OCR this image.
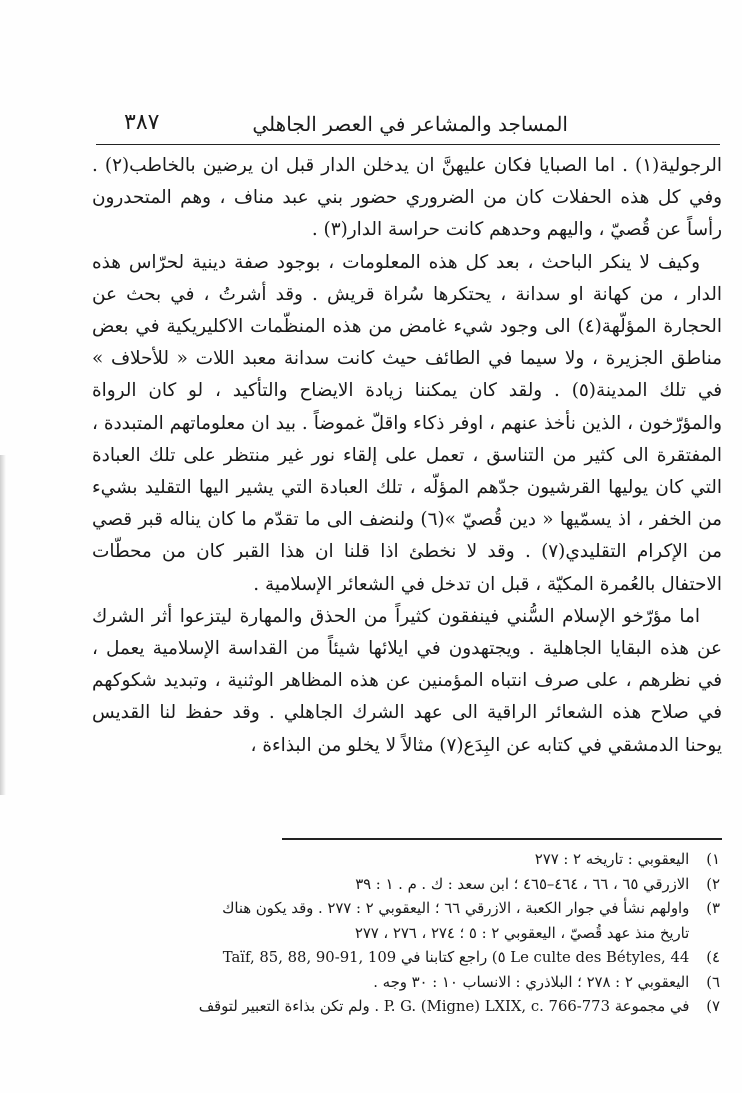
المساجد والمشاعر في العصر الجاهلي
٣٨٧

الرجولية(١) . اما الصبايا فكان عليهنَّ ان يدخلن الدار قبل ان يرضين بالخاطب(٢) . وفي كل هذه الحفلات كان من الضروري حضور بني عبد مناف ، وهم المتحدرون رأساً عن قُصيّ ، واليهم وحدهم كانت حراسة الدار(٣) .

وكيف لا ينكر الباحث ، بعد كل هذه المعلومات ، بوجود صفة دينية لحرّاس هذه الدار ، من كهانة او سدانة ، يحتكرها سُراة قريش . وقد أشرتُ ، في بحث عن الحجارة المؤلّهة(٤) الى وجود شيء غامض من هذه المنظّمات الاكليريكية في بعض مناطق الجزيرة ، ولا سيما في الطائف حيث كانت سدانة معبد اللات « للأحلاف » في تلك المدينة(٥) . ولقد كان يمكننا زيادة الايضاح والتأكيد ، لو كان الرواة والمؤرّخون ، الذين نأخذ عنهم ، اوفر ذكاء واقلّ غموضاً . بيد ان معلوماتهم المتبددة ، المفتقرة الى كثير من التناسق ، تعمل على إلقاء نور غير منتظر على تلك العبادة التي كان يوليها القرشيون جدّهم المؤلّه ، تلك العبادة التي يشير اليها التقليد بشيء من الخفر ، اذ يسمّيها « دين قُصيّ »(٦) ولنضف الى ما تقدّم ما كان يناله قبر قصي من الإكرام التقليدي(٧) . وقد لا نخطئ اذا قلنا ان هذا القبر كان من محطّات الاحتفال بالعُمرة المكيّة ، قبل ان تدخل في الشعائر الإسلامية .

اما مؤرّخو الإسلام السُّني فينفقون كثيراً من الحذق والمهارة ليتزعوا أثر الشرك عن هذه البقايا الجاهلية . ويجتهدون في ايلائها شيئاً من القداسة الإسلامية يعمل ، في نظرهم ، على صرف انتباه المؤمنين عن هذه المظاهر الوثنية ، وتبديد شكوكهم في صلاح هذه الشعائر الراقية الى عهد الشرك الجاهلي . وقد حفظ لنا القديس يوحنا الدمشقي في كتابه عن البِدَع(٧) مثالاً لا يخلو من البذاءة ،

١) اليعقوبي : تاريخه ٢ : ٢٧٧
٢) الازرقي ٦٥ ، ٦٦ ، ٤٦٤–٤٦٥ ؛ ابن سعد : ك . م . ١ : ٣٩
٣) واولهم نشأ في جوار الكعبة ، الازرقي ٦٦ ؛ اليعقوبي ٢ : ٢٧٧ . وقد يكون هناك
تاريخ منذ عهد قُصيّ ، اليعقوبي ٢ : ٥ ؛ ٢٧٤ ، ٢٧٦ ، ٢٧٧
٤) Le culte des Bétyles, 44 ٥) راجع كتابنا في Taïf, 85, 88, 90-91, 109
٦) اليعقوبي ٢ : ٢٧٨ ؛ البلاذري : الانساب ١٠ : ٣٠ وجه .
٧) في مجموعة P. G. (Migne) LXIX, c. 766-773 . ولم تكن بذاءة التعبير لتوقف
